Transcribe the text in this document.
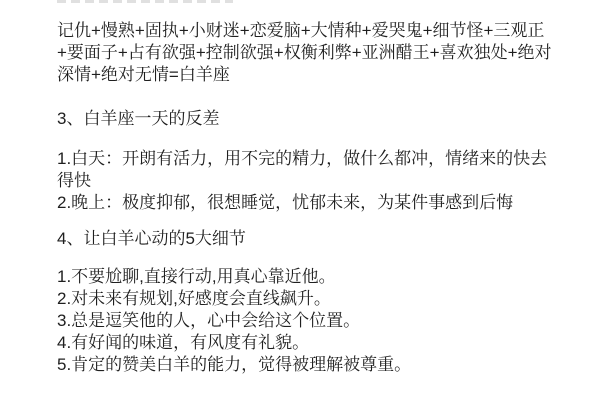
记仇+慢熟+固执+小财迷+恋爱脑+大情种+爱哭鬼+细节怪+三观正
+要面子+占有欲强+控制欲强+权衡利弊+亚洲醋王+喜欢独处+绝对
深情+绝对无情=白羊座
3、白羊座一天的反差
1.白天：开朗有活力，用不完的精力，做什么都冲，情绪来的快去
得快
2.晚上：极度抑郁，很想睡觉，忧郁未来，为某件事感到后悔
4、让白羊心动的5大细节
1.不要尬聊,直接行动,用真心靠近他。
2.对未来有规划,好感度会直线飙升。
3.总是逗笑他的人，心中会给这个位置。
4.有好闻的味道，有风度有礼貌。
5.肯定的赞美白羊的能力，觉得被理解被尊重。
